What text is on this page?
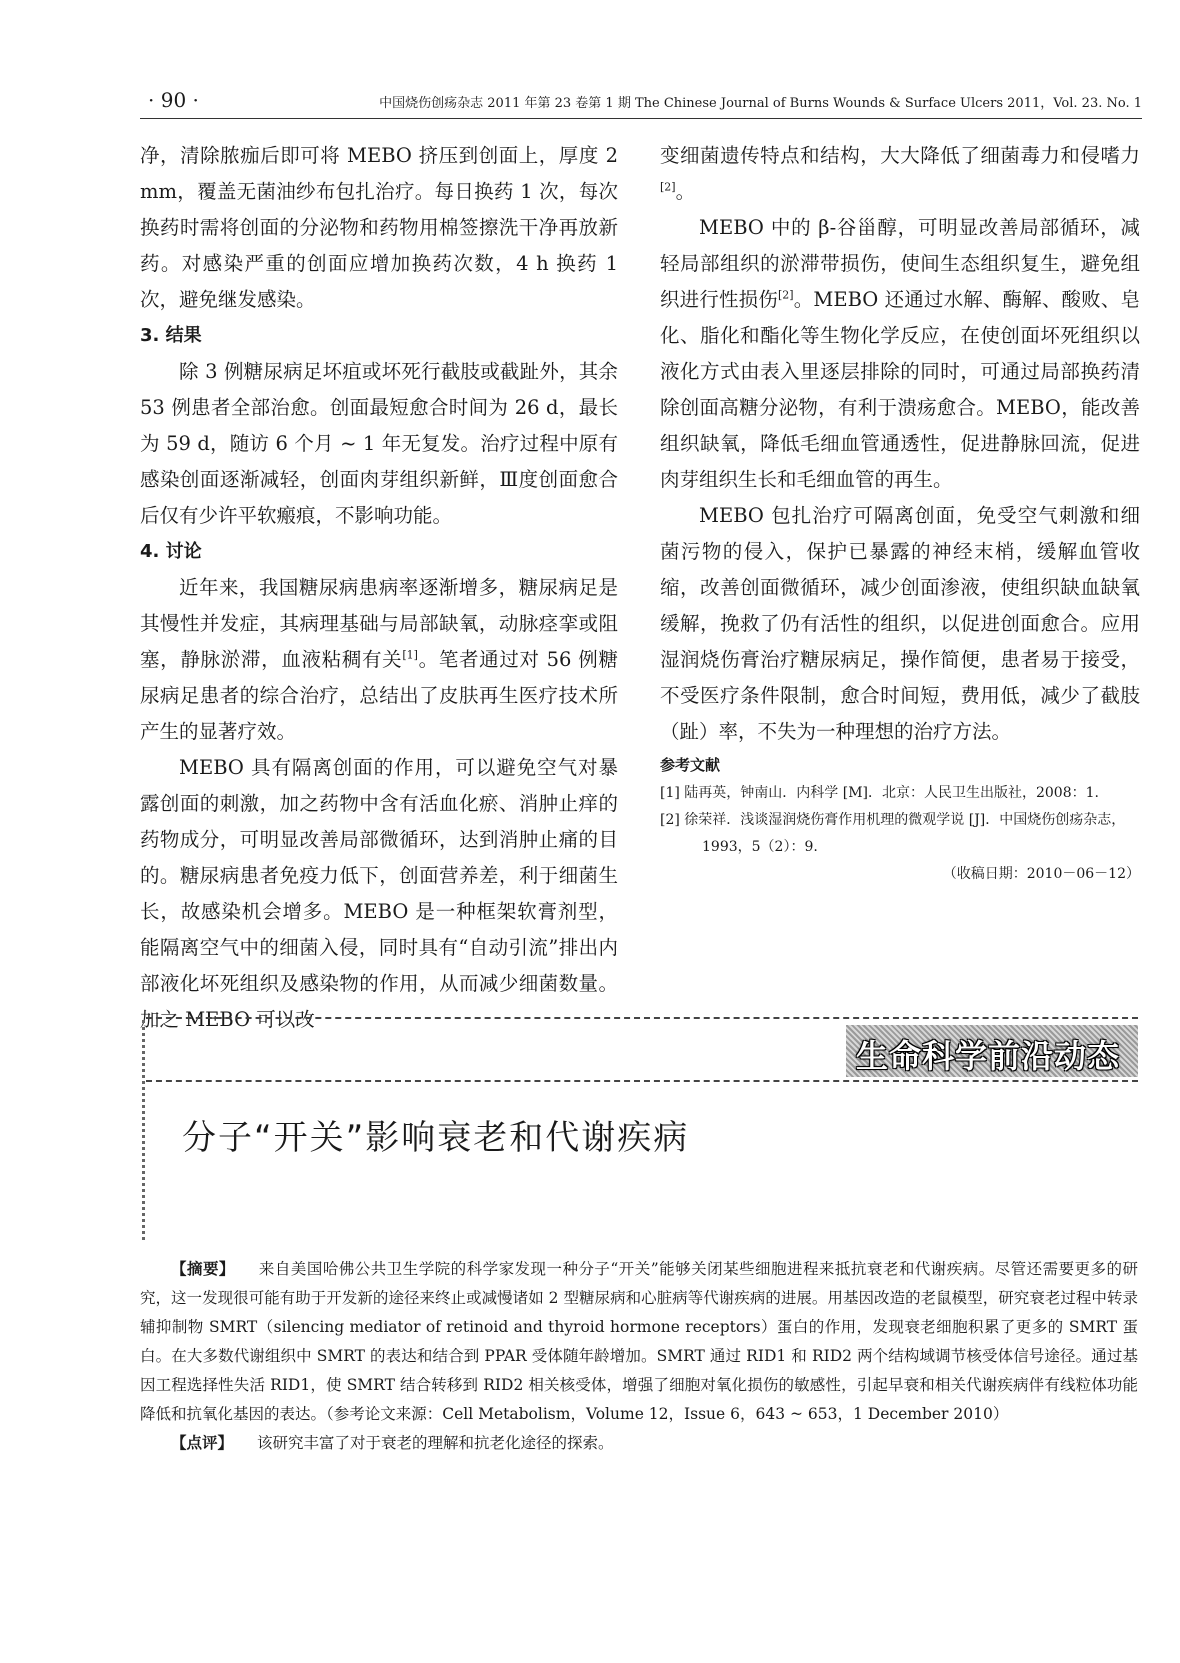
· 90 ·	中国烧伤创疡杂志 2011 年第 23 卷第 1 期 The Chinese Journal of Burns Wounds & Surface Ulcers 2011，Vol. 23. No. 1

净，清除脓痂后即可将 MEBO 挤压到创面上，厚度 2 mm，覆盖无菌油纱布包扎治疗。每日换药 1 次，每次换药时需将创面的分泌物和药物用棉签擦洗干净再放新药。对感染严重的创面应增加换药次数，4 h 换药 1 次，避免继发感染。

3. 结果

除 3 例糖尿病足坏疽或坏死行截肢或截趾外，其余 53 例患者全部治愈。创面最短愈合时间为 26 d，最长为 59 d，随访 6 个月 ~ 1 年无复发。治疗过程中原有感染创面逐渐减轻，创面肉芽组织新鲜，Ⅲ度创面愈合后仅有少许平软瘢痕，不影响功能。

4. 讨论

近年来，我国糖尿病患病率逐渐增多，糖尿病足是其慢性并发症，其病理基础与局部缺氧，动脉痉挛或阻塞，静脉淤滞，血液粘稠有关[1]。笔者通过对 56 例糖尿病足患者的综合治疗，总结出了皮肤再生医疗技术所产生的显著疗效。

MEBO 具有隔离创面的作用，可以避免空气对暴露创面的刺激，加之药物中含有活血化瘀、消肿止痒的药物成分，可明显改善局部微循环，达到消肿止痛的目的。糖尿病患者免疫力低下，创面营养差，利于细菌生长，故感染机会增多。MEBO 是一种框架软膏剂型，能隔离空气中的细菌入侵，同时具有“自动引流”排出内部液化坏死组织及感染物的作用，从而减少细菌数量。加之 MEBO 可以改

变细菌遗传特点和结构，大大降低了细菌毒力和侵嗜力[2]。

MEBO 中的 β-谷甾醇，可明显改善局部循环，减轻局部组织的淤滞带损伤，使间生态组织复生，避免组织进行性损伤[2]。MEBO 还通过水解、酶解、酸败、皂化、脂化和酯化等生物化学反应，在使创面坏死组织以液化方式由表入里逐层排除的同时，可通过局部换药清除创面高糖分泌物，有利于溃疡愈合。MEBO，能改善组织缺氧，降低毛细血管通透性，促进静脉回流，促进肉芽组织生长和毛细血管的再生。

MEBO 包扎治疗可隔离创面，免受空气刺激和细菌污物的侵入，保护已暴露的神经末梢，缓解血管收缩，改善创面微循环，减少创面渗液，使组织缺血缺氧缓解，挽救了仍有活性的组织，以促进创面愈合。应用湿润烧伤膏治疗糖尿病足，操作简便，患者易于接受，不受医疗条件限制，愈合时间短，费用低，减少了截肢（趾）率，不失为一种理想的治疗方法。

参考文献

[1] 陆再英，钟南山．内科学 [M]．北京：人民卫生出版社，2008：1.

[2] 徐荣祥．浅谈湿润烧伤膏作用机理的微观学说 [J]．中国烧伤创疡杂志，1993，5（2）：9.

（收稿日期：2010－06－12）

生命科学前沿动态
分子“开关”影响衰老和代谢疾病

【摘要】 来自美国哈佛公共卫生学院的科学家发现一种分子“开关”能够关闭某些细胞进程来抵抗衰老和代谢疾病。尽管还需要更多的研究，这一发现很可能有助于开发新的途径来终止或减慢诸如 2 型糖尿病和心脏病等代谢疾病的进展。用基因改造的老鼠模型，研究衰老过程中转录辅抑制物 SMRT（silencing mediator of retinoid and thyroid hormone receptors）蛋白的作用，发现衰老细胞积累了更多的 SMRT 蛋白。在大多数代谢组织中 SMRT 的表达和结合到 PPAR 受体随年龄增加。SMRT 通过 RID1 和 RID2 两个结构域调节核受体信号途径。通过基因工程选择性失活 RID1，使 SMRT 结合转移到 RID2 相关核受体，增强了细胞对氧化损伤的敏感性，引起早衰和相关代谢疾病伴有线粒体功能降低和抗氧化基因的表达。（参考论文来源：Cell Metabolism，Volume 12，Issue 6，643 ~ 653，1 December 2010）

【点评】 该研究丰富了对于衰老的理解和抗老化途径的探索。
